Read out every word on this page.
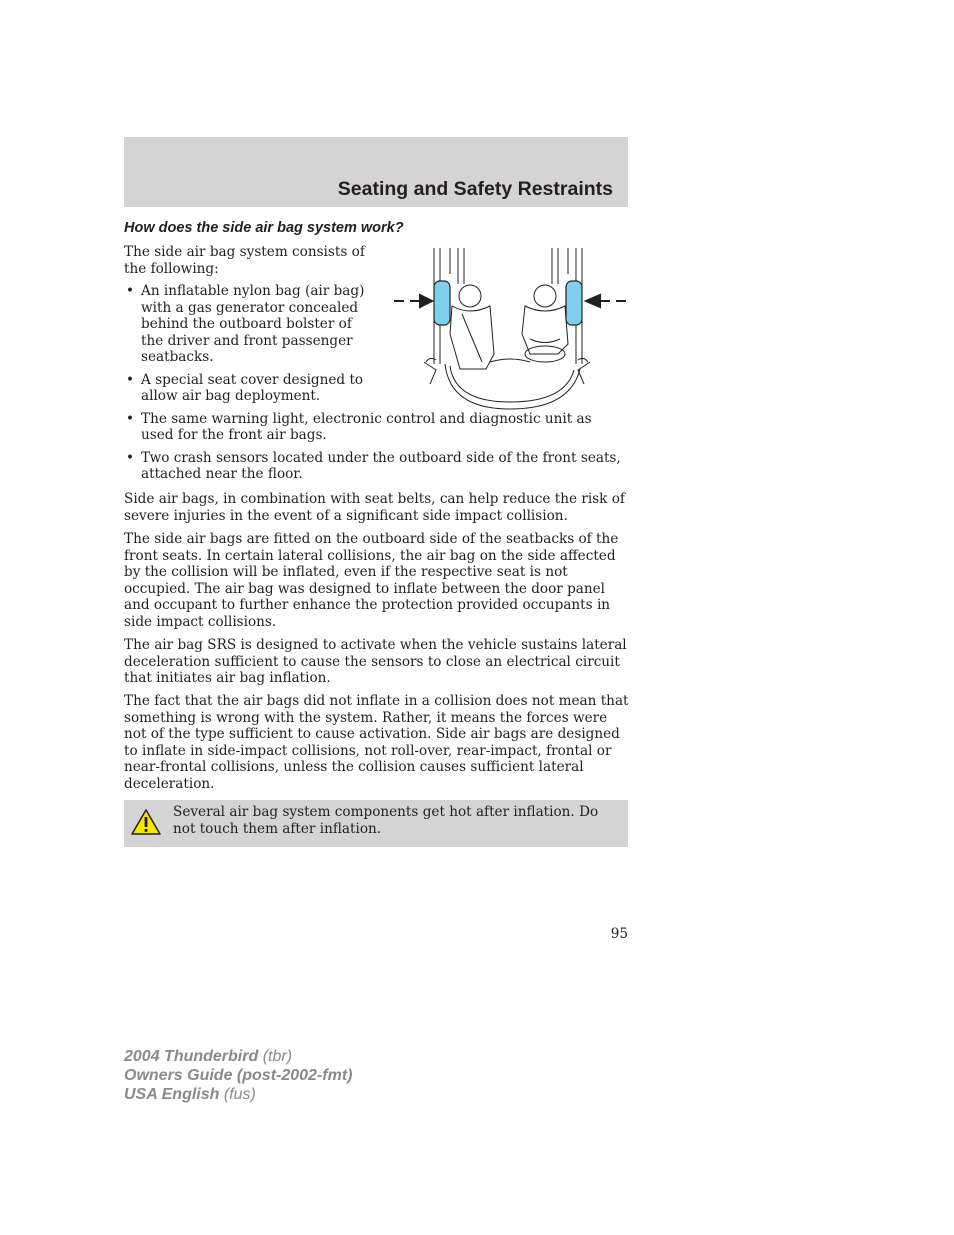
Seating and Safety Restraints
How does the side air bag system work?

The side air bag system consists of the following:

• An inflatable nylon bag (air bag) with a gas generator concealed behind the outboard bolster of the driver and front passenger seatbacks.
• A special seat cover designed to allow air bag deployment.
• The same warning light, electronic control and diagnostic unit as used for the front air bags.
• Two crash sensors located under the outboard side of the front seats, attached near the floor.

Side air bags, in combination with seat belts, can help reduce the risk of severe injuries in the event of a significant side impact collision.

The side air bags are fitted on the outboard side of the seatbacks of the front seats. In certain lateral collisions, the air bag on the side affected by the collision will be inflated, even if the respective seat is not occupied. The air bag was designed to inflate between the door panel and occupant to further enhance the protection provided occupants in side impact collisions.

The air bag SRS is designed to activate when the vehicle sustains lateral deceleration sufficient to cause the sensors to close an electrical circuit that initiates air bag inflation.

The fact that the air bags did not inflate in a collision does not mean that something is wrong with the system. Rather, it means the forces were not of the type sufficient to cause activation. Side air bags are designed to inflate in side-impact collisions, not roll-over, rear-impact, frontal or near-frontal collisions, unless the collision causes sufficient lateral deceleration.

Several air bag system components get hot after inflation. Do not touch them after inflation.

95

2004 Thunderbird (tbr)
Owners Guide (post-2002-fmt)
USA English (fus)
